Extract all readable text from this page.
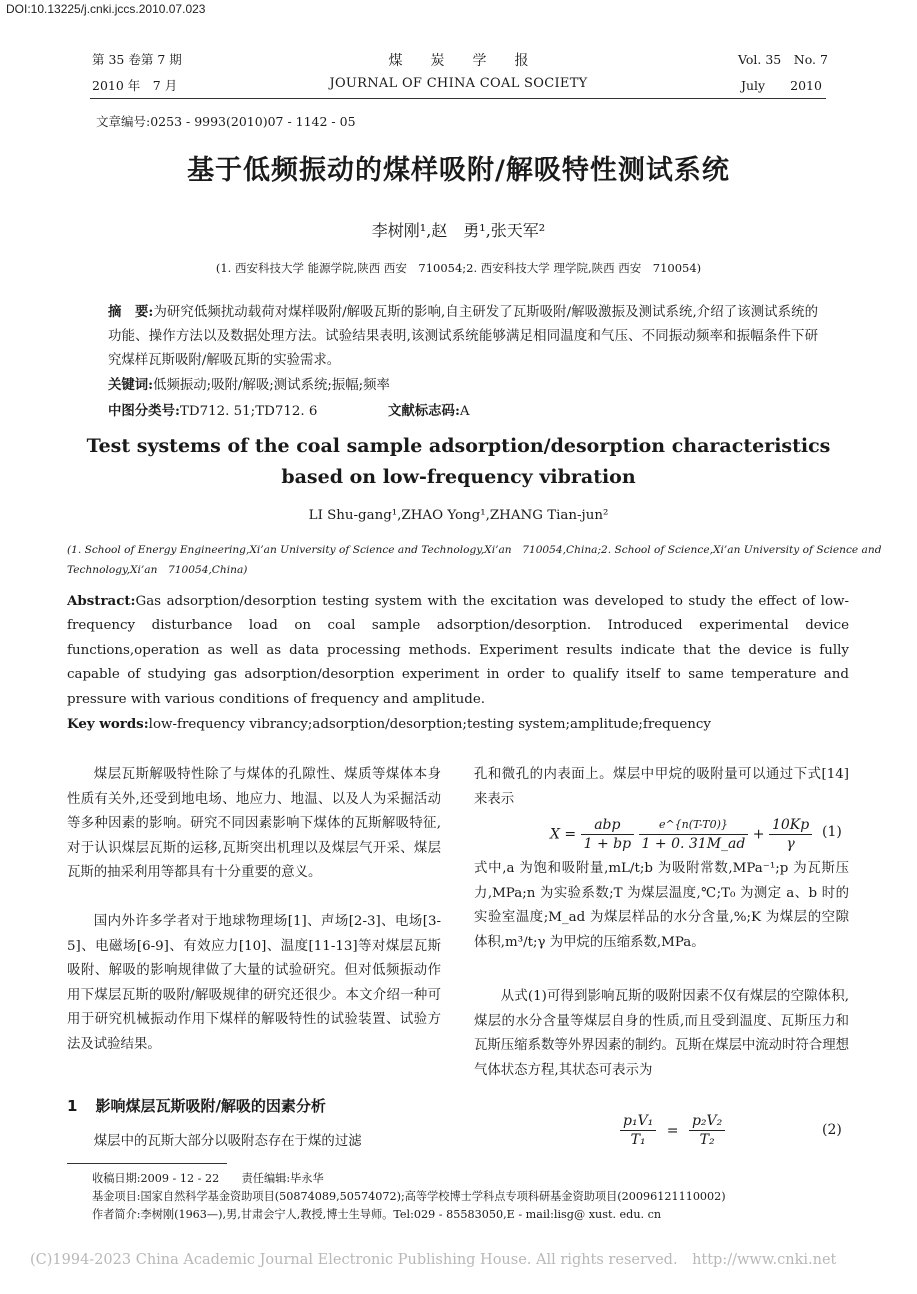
DOI:10.13225/j.cnki.jccs.2010.07.023
第 35 卷第 7 期
2010 年　7 月
煤　　炭　　学　　报
JOURNAL OF CHINA COAL SOCIETY
Vol. 35　No. 7
July　　2010
文章编号:0253 - 9993(2010)07 - 1142 - 05
基于低频振动的煤样吸附/解吸特性测试系统
李树刚¹,赵　勇¹,张天军²
(1. 西安科技大学 能源学院,陕西 西安　710054;2. 西安科技大学 理学院,陕西 西安　710054)
摘　要:为研究低频扰动载荷对煤样吸附/解吸瓦斯的影响,自主研发了瓦斯吸附/解吸激振及测试系统,介绍了该测试系统的功能、操作方法以及数据处理方法。试验结果表明,该测试系统能够满足相同温度和气压、不同振动频率和振幅条件下研究煤样瓦斯吸附/解吸瓦斯的实验需求。
关键词:低频振动;吸附/解吸;测试系统;振幅;频率
中图分类号:TD712. 51;TD712. 6	文献标志码:A
Test systems of the coal sample adsorption/desorption characteristics
based on low-frequency vibration
LI Shu-gang¹,ZHAO Yong¹,ZHANG Tian-jun²
(1. School of Energy Engineering,Xi’an University of Science and Technology,Xi’an　710054,China;2. School of Science,Xi’an University of Science and
Technology,Xi’an　710054,China)
Abstract:Gas adsorption/desorption testing system with the excitation was developed to study the effect of low-frequency disturbance load on coal sample adsorption/desorption. Introduced experimental device functions,operation as well as data processing methods. Experiment results indicate that the device is fully capable of studying gas adsorption/desorption experiment in order to qualify itself to same temperature and pressure with various conditions of frequency and amplitude.
Key words:low-frequency vibrancy;adsorption/desorption;testing system;amplitude;frequency
煤层瓦斯解吸特性除了与煤体的孔隙性、煤质等煤体本身性质有关外,还受到地电场、地应力、地温、以及人为采掘活动等多种因素的影响。研究不同因素影响下煤体的瓦斯解吸特征,对于认识煤层瓦斯的运移,瓦斯突出机理以及煤层气开采、煤层瓦斯的抽采利用等都具有十分重要的意义。
国内外许多学者对于地球物理场[1]、声场[2-3]、电场[3-5]、电磁场[6-9]、有效应力[10]、温度[11-13]等对煤层瓦斯吸附、解吸的影响规律做了大量的试验研究。但对低频振动作用下煤层瓦斯的吸附/解吸规律的研究还很少。本文介绍一种可用于研究机械振动作用下煤样的解吸特性的试验装置、试验方法及试验结果。
1 影响煤层瓦斯吸附/解吸的因素分析
煤层中的瓦斯大部分以吸附态存在于煤的过滤
孔和微孔的内表面上。煤层中甲烷的吸附量可以通过下式[14]来表示
$X = \frac{\text{abp}}{1 + bp}$
$\frac{e\^{}\{n(T-T0)\}}{1 + 0. 31M\_ad} + \frac{10Kp}{\gamma} (1)$
式中,a 为饱和吸附量,mL/t;b 为吸附常数,MPa⁻¹;p 为瓦斯压力,MPa;n 为实验系数;T 为煤层温度,℃;T₀ 为测定 a、b 时的实验室温度;M_ad 为煤层样品的水分含量,%;K 为煤层的空隙体积,m³/t;γ 为甲烷的压缩系数,MPa。
从式(1)可得到影响瓦斯的吸附因素不仅有煤层的空隙体积,煤层的水分含量等煤层自身的性质,而且受到温度、瓦斯压力和瓦斯压缩系数等外界因素的制约。瓦斯在煤层中流动时符合理想气体状态方程,其状态可表示为
$\frac{\text{p₁V₁}}{\text{T₁}} = \frac{\text{p₂V₂}}{\text{T₂}}$	(2)
收稿日期:2009 - 12 - 22　　责任编辑:毕永华
基金项目:国家自然科学基金资助项目(50874089,50574072);高等学校博士学科点专项科研基金资助项目(20096121110002)
作者简介:李树刚(1963—),男,甘肃会宁人,教授,博士生导师。Tel:029 - 85583050,E - mail:lisg@ xust. edu. cn
(C)1994-2023 China Academic Journal Electronic Publishing House. All rights reserved.　http://www.cnki.net
